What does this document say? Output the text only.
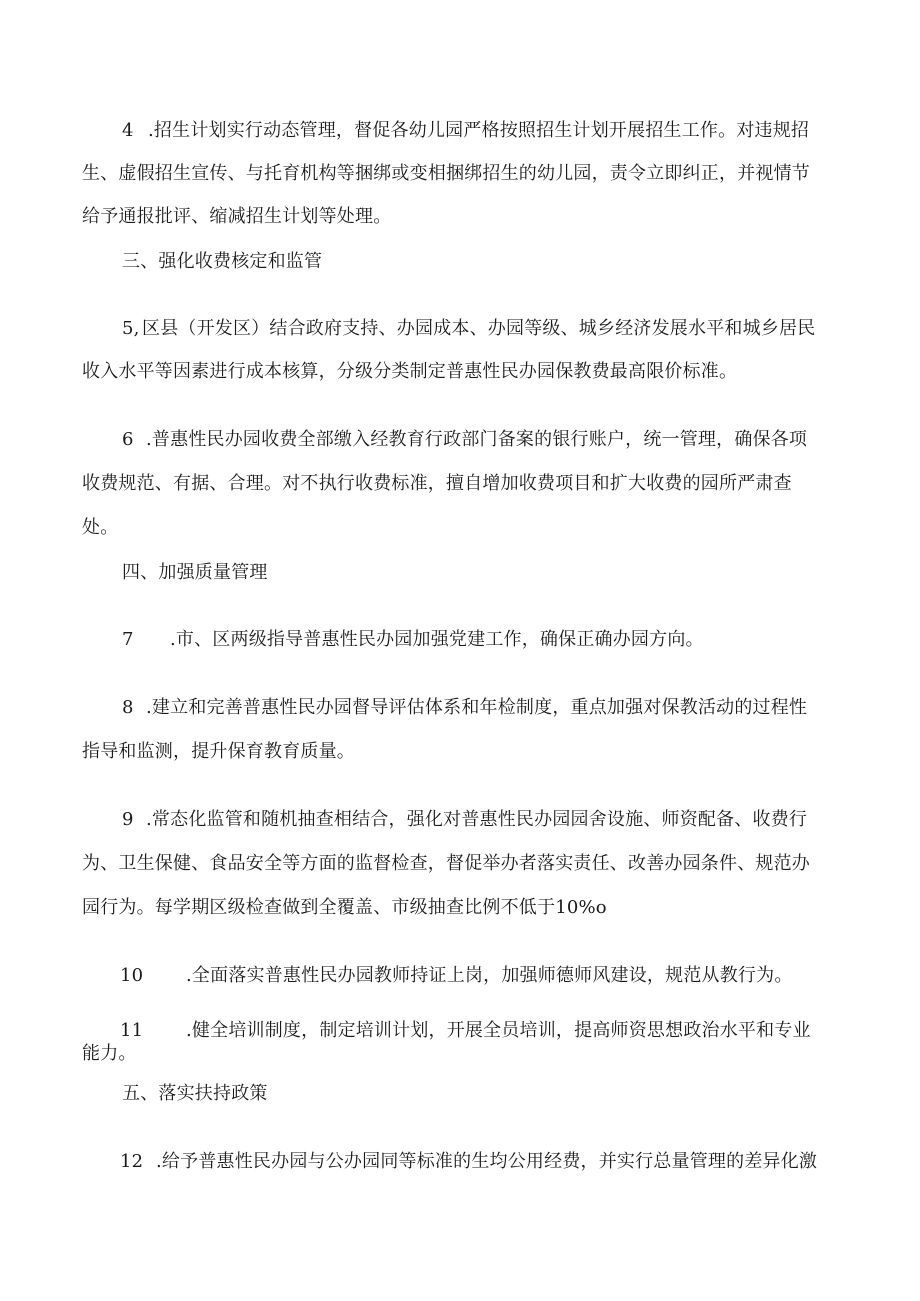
4 .招生计划实行动态管理，督促各幼儿园严格按照招生计划开展招生工作。对违规招
生、虚假招生宣传、与托育机构等捆绑或变相捆绑招生的幼儿园，责令立即纠正，并视情节
给予通报批评、缩减招生计划等处理。
三、强化收费核定和监管
5, 区县（开发区）结合政府支持、办园成本、办园等级、城乡经济发展水平和城乡居民
收入水平等因素进行成本核算，分级分类制定普惠性民办园保教费最高限价标准。
6 .普惠性民办园收费全部缴入经教育行政部门备案的银行账户，统一管理，确保各项
收费规范、有据、合理。对不执行收费标准，擅自增加收费项目和扩大收费的园所严肃查
处。
四、加强质量管理
7 .市、区两级指导普惠性民办园加强党建工作，确保正确办园方向。
8 .建立和完善普惠性民办园督导评估体系和年检制度，重点加强对保教活动的过程性
指导和监测，提升保育教育质量。
9 .常态化监管和随机抽查相结合，强化对普惠性民办园园舍设施、师资配备、收费行
为、卫生保健、食品安全等方面的监督检查，督促举办者落实责任、改善办园条件、规范办
园行为。每学期区级检查做到全覆盖、市级抽查比例不低于10%o
10 .全面落实普惠性民办园教师持证上岗，加强师德师风建设，规范从教行为。
11 .健全培训制度，制定培训计划，开展全员培训，提高师资思想政治水平和专业
能力。
五、落实扶持政策
12 .给予普惠性民办园与公办园同等标准的生均公用经费，并实行总量管理的差异化激
